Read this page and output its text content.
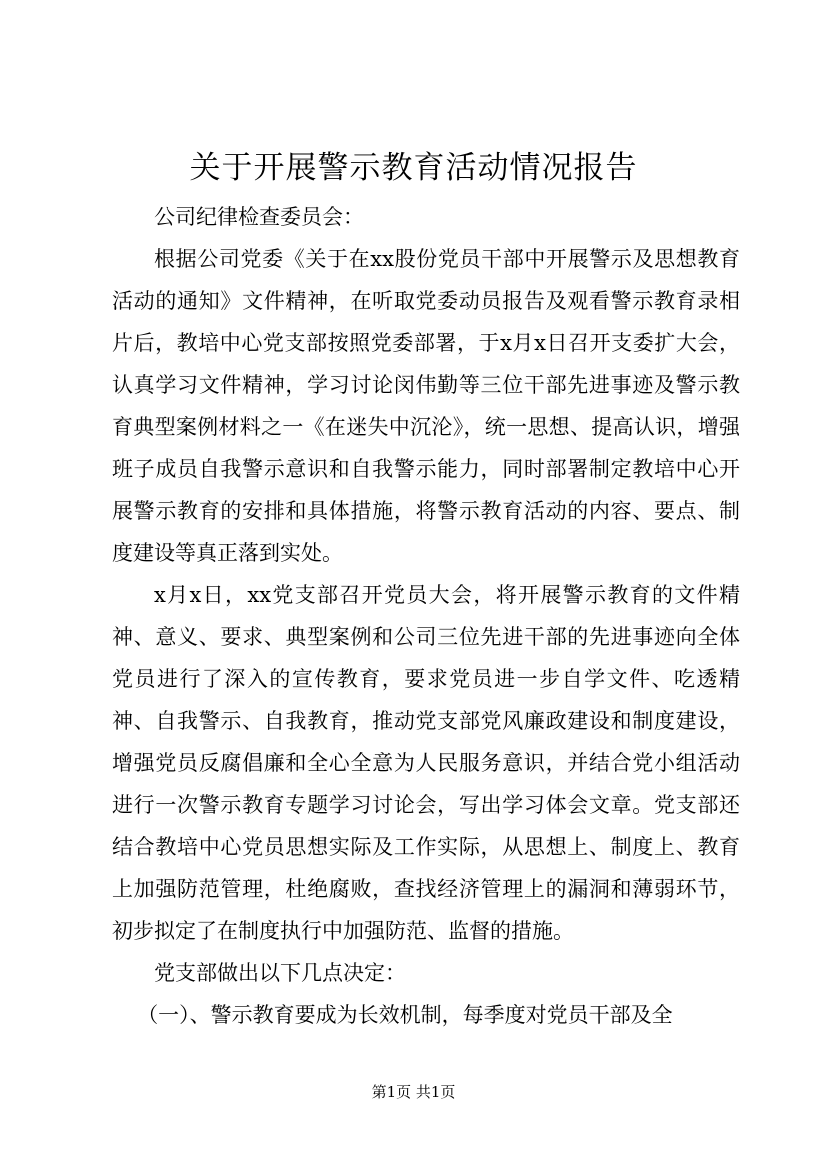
关于开展警示教育活动情况报告

公司纪律检查委员会：

根据公司党委《关于在xx股份党员干部中开展警示及思想教育活动的通知》文件精神，在听取党委动员报告及观看警示教育录相片后，教培中心党支部按照党委部署，于x月x日召开支委扩大会，认真学习文件精神，学习讨论闵伟勤等三位干部先进事迹及警示教育典型案例材料之一《在迷失中沉沦》，统一思想、提高认识，增强班子成员自我警示意识和自我警示能力，同时部署制定教培中心开展警示教育的安排和具体措施，将警示教育活动的内容、要点、制度建设等真正落到实处。

x月x日，xx党支部召开党员大会，将开展警示教育的文件精神、意义、要求、典型案例和公司三位先进干部的先进事迹向全体党员进行了深入的宣传教育，要求党员进一步自学文件、吃透精神、自我警示、自我教育，推动党支部党风廉政建设和制度建设，增强党员反腐倡廉和全心全意为人民服务意识，并结合党小组活动进行一次警示教育专题学习讨论会，写出学习体会文章。党支部还结合教培中心党员思想实际及工作实际，从思想上、制度上、教育上加强防范管理，杜绝腐败，查找经济管理上的漏洞和薄弱环节，初步拟定了在制度执行中加强防范、监督的措施。

党支部做出以下几点决定：

（一）、警示教育要成为长效机制，每季度对党员干部及全

第1页 共1页
